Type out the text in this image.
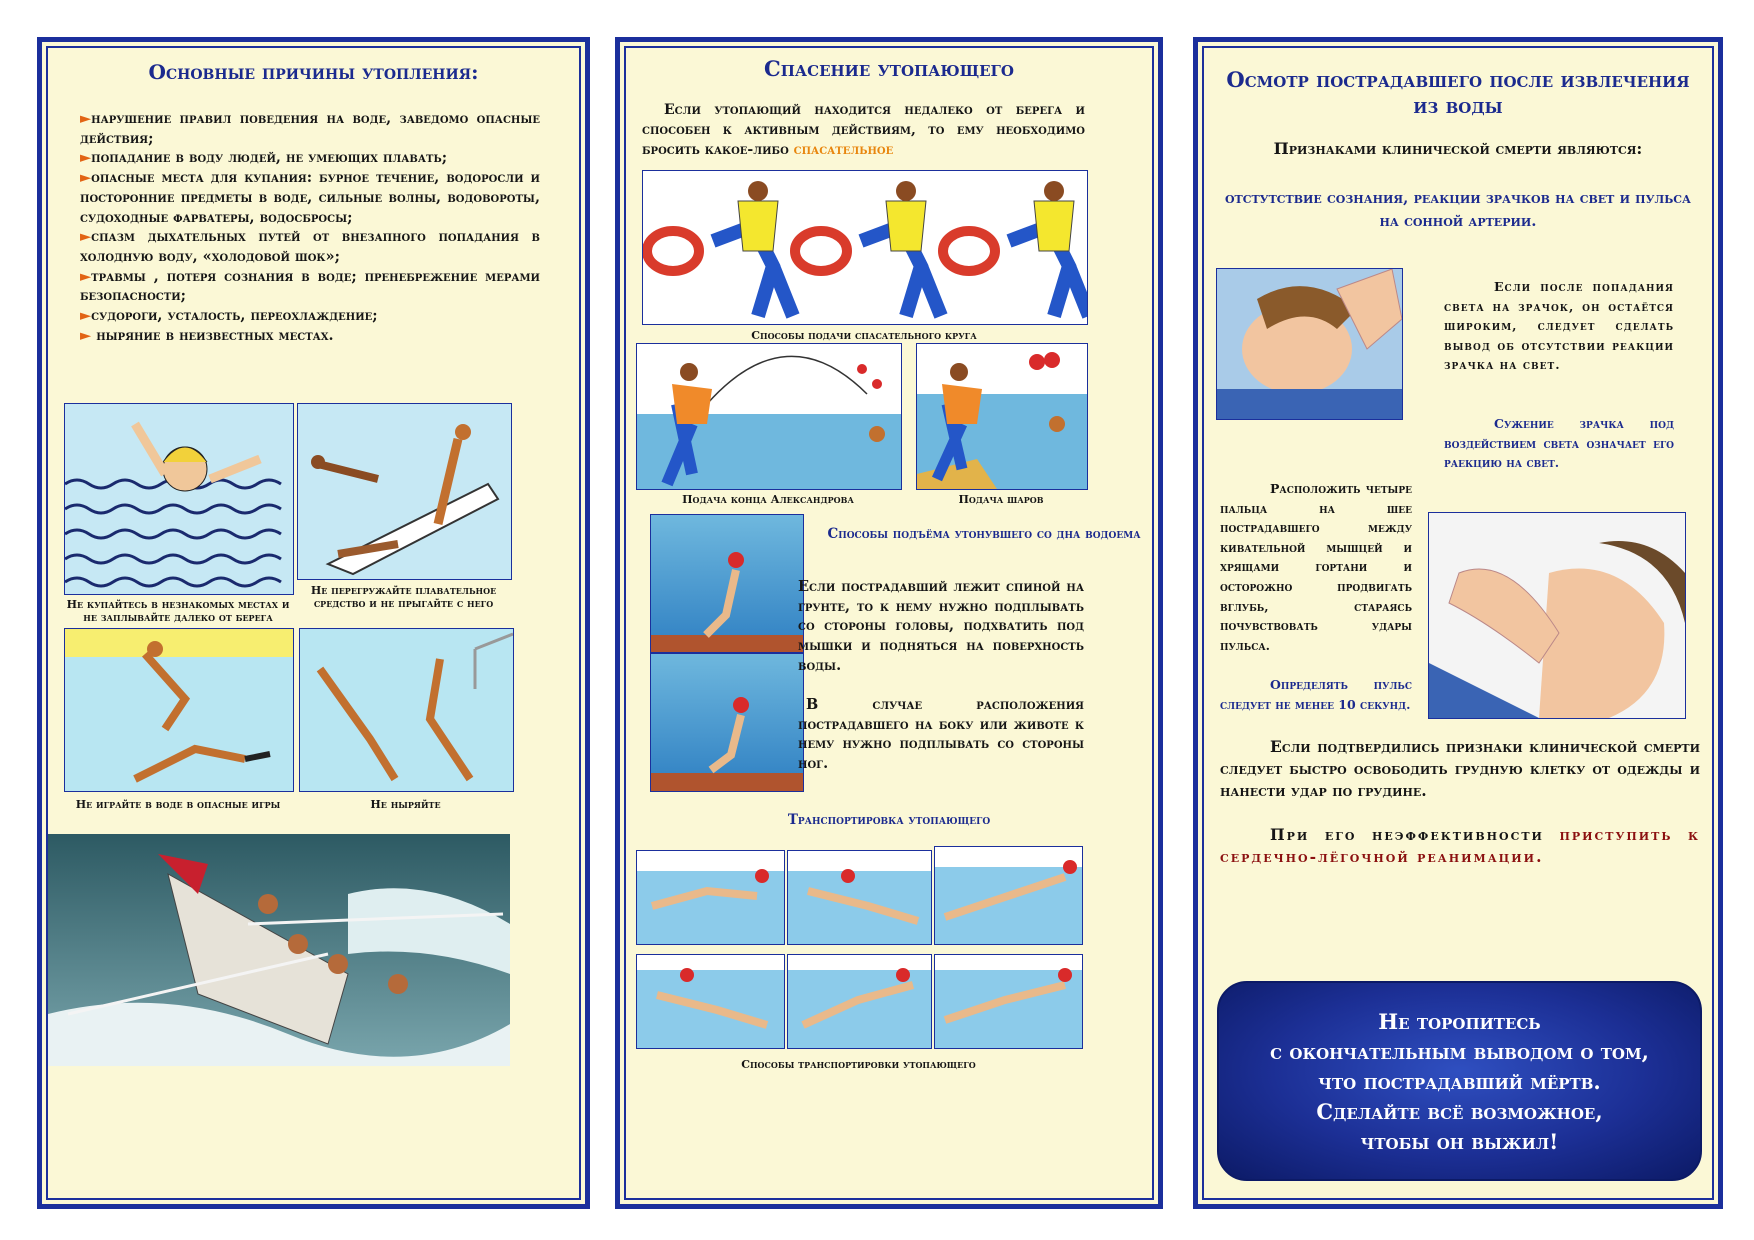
Основные причины утопления:
►нарушение правил поведения на воде, заведомо опасные действия;
►попадание в воду людей, не умеющих плавать;
►опасные места для купания: бурное течение, водоросли и посторонние предметы в воде, сильные волны, водовороты, судоходные фарватеры, водосбросы;
►спазм дыхательных путей от внезапного попадания в холодную воду, «холодовой шок»;
►травмы , потеря сознания в воде; пренебрежение мерами безопасности;
►судороги, усталость, переохлаждение;
► ныряние в неизвестных местах.
Не купайтесь в незнакомых местах и не заплывайте далеко от берега
Не перегружайте плавательное средство и не прыгайте с него
Не играйте в воде в опасные игры	Не ныряйте
Спасение утопающего
Если утопающий находится недалеко от берега и способен к активным действиям, то ему необходимо бросить какое-либо спасательное
Способы подачи спасательного круга
Подача конца Александрова	Подача шаров
Способы подъёма утонувшего со дна водоема
Если пострадавший лежит спиной на грунте, то к нему нужно подплывать со стороны головы, подхватить под мышки и подняться на поверхность воды.
В случае расположения пострадавшего на боку или животе к нему нужно подплывать со стороны ног.
Транспортировка утопающего
Способы транспортировки утопающего
Осмотр пострадавшего после извлечения из воды
Признаками клинической смерти являются:
отстутствие сознания, реакции зрачков на свет и пульса на сонной артерии.
Если после попадания света на зрачок, он остаётся широким, следует сделать вывод об отсутствии реакции зрачка на свет.
Сужение зрачка под воздействием света означает его раекцию на свет.
Расположить четыре пальца на шее пострадавшего между кивательной мышцей и хрящами гортани и осторожно продвигать вглубь, стараясь почувствовать удары пульса.
Определять пульс следует не менее 10 секунд.
Если подтвердились признаки клинической смерти следует быстро освободить грудную клетку от одежды и нанести удар по грудине.
При его неэффективности приступить к сердечно-лёгочной реанимации.
Не торопитесь
с окончательным выводом о том,
что пострадавший мёртв.
Сделайте всё возможное,
чтобы он выжил!
